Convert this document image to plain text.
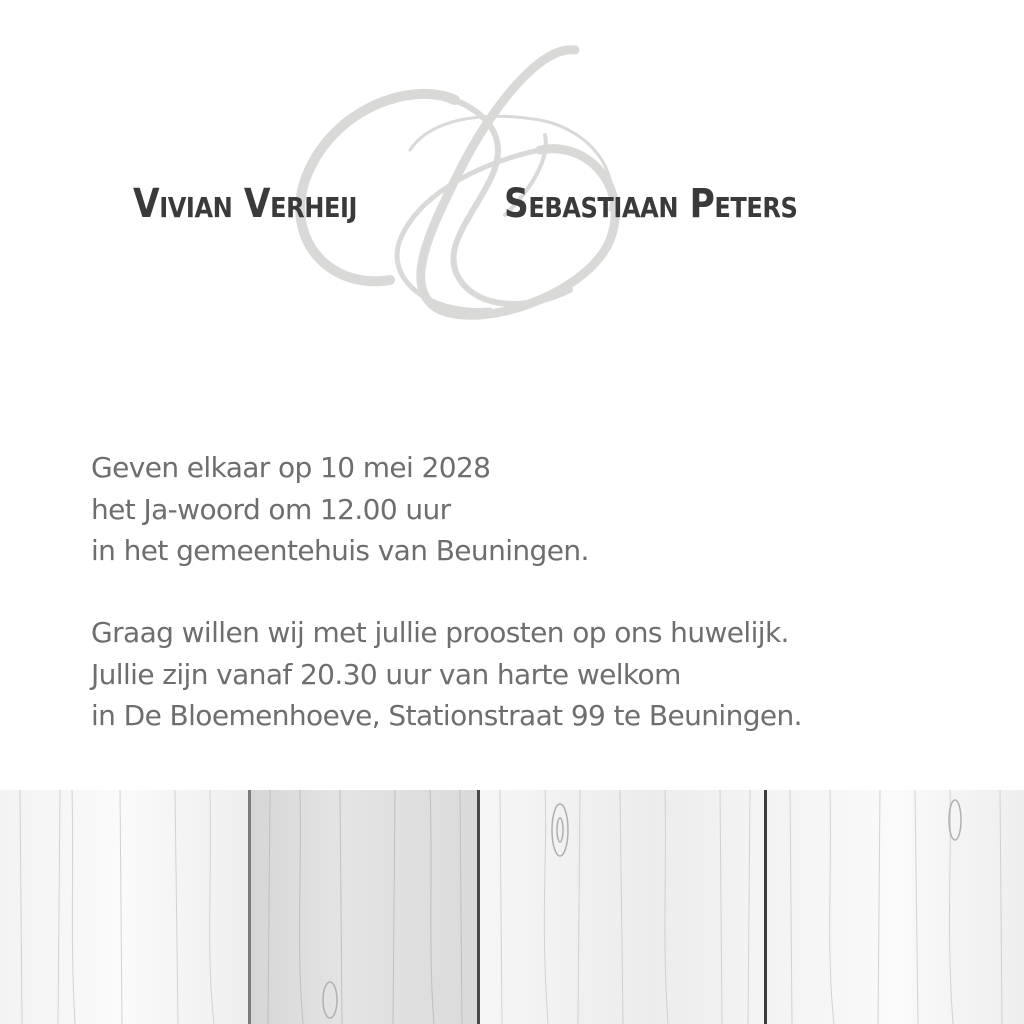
Vivian Verheij	Sebastiaan Peters
Geven elkaar op 10 mei 2028
het Ja-woord om 12.00 uur
in het gemeentehuis van Beuningen.
Graag willen wij met jullie proosten op ons huwelijk.
Jullie zijn vanaf 20.30 uur van harte welkom
in De Bloemenhoeve, Stationstraat 99 te Beuningen.
